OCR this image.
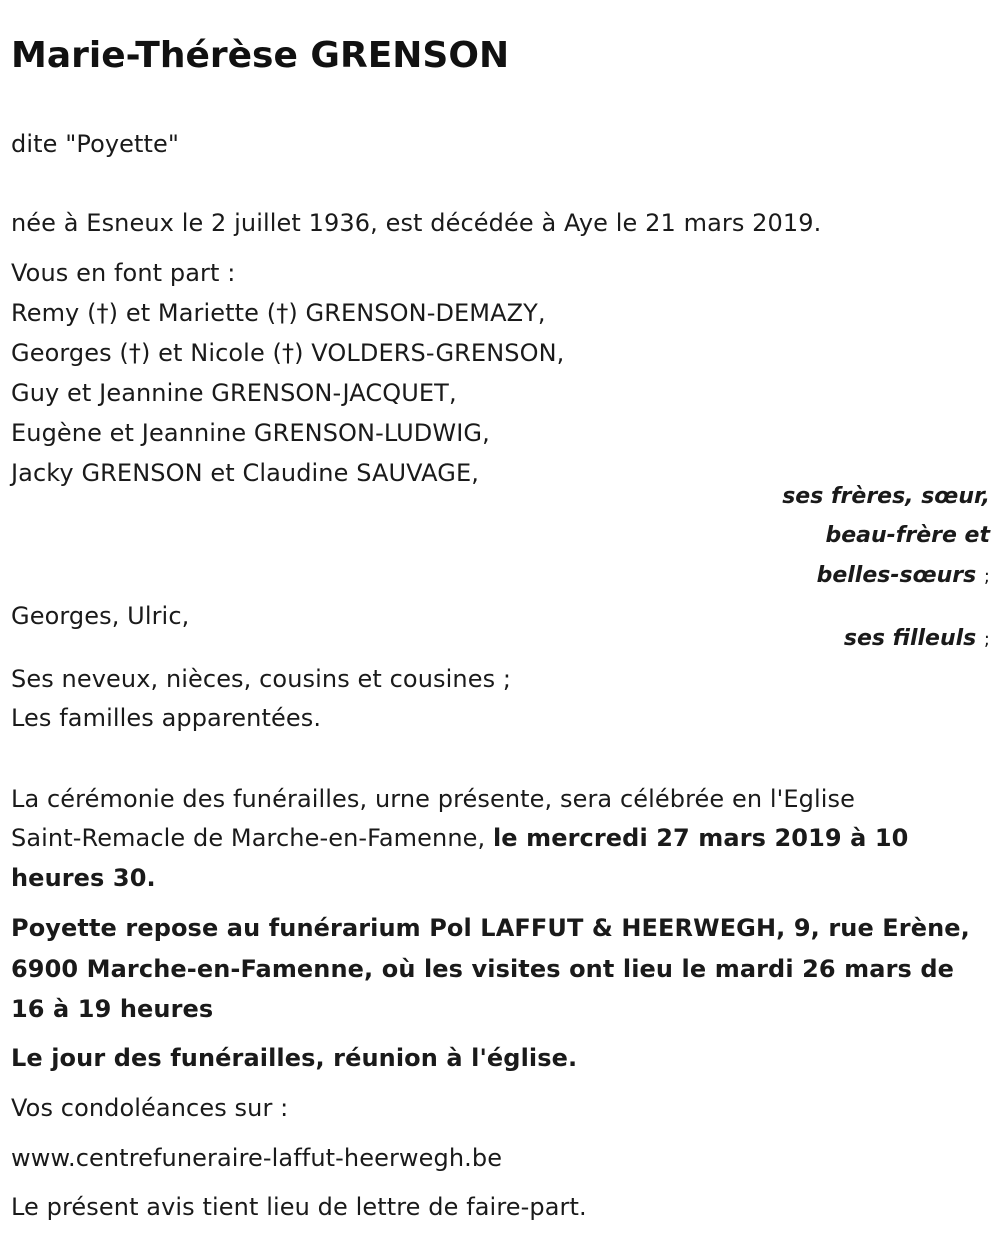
Marie-Thérèse GRENSON
dite "Poyette"
née à Esneux le 2 juillet 1936, est décédée à Aye le 21 mars 2019.
Vous en font part :
Remy (†) et Mariette (†) GRENSON-DEMAZY,
Georges (†) et Nicole (†) VOLDERS-GRENSON,
Guy et Jeannine GRENSON-JACQUET,
Eugène et Jeannine GRENSON-LUDWIG,
Jacky GRENSON et Claudine SAUVAGE,
ses frères, sœur,
beau-frère et
belles-sœurs ;
Georges, Ulric,
ses filleuls ;
Ses neveux, nièces, cousins et cousines ;
Les familles apparentées.
La cérémonie des funérailles, urne présente, sera célébrée en l'Eglise
Saint-Remacle de Marche-en-Famenne, le mercredi 27 mars 2019 à 10
heures 30.
Poyette repose au funérarium Pol LAFFUT & HEERWEGH, 9, rue Erène,
6900 Marche-en-Famenne, où les visites ont lieu le mardi 26 mars de
16 à 19 heures
Le jour des funérailles, réunion à l'église.
Vos condoléances sur :
www.centrefuneraire-laffut-heerwegh.be
Le présent avis tient lieu de lettre de faire-part.
